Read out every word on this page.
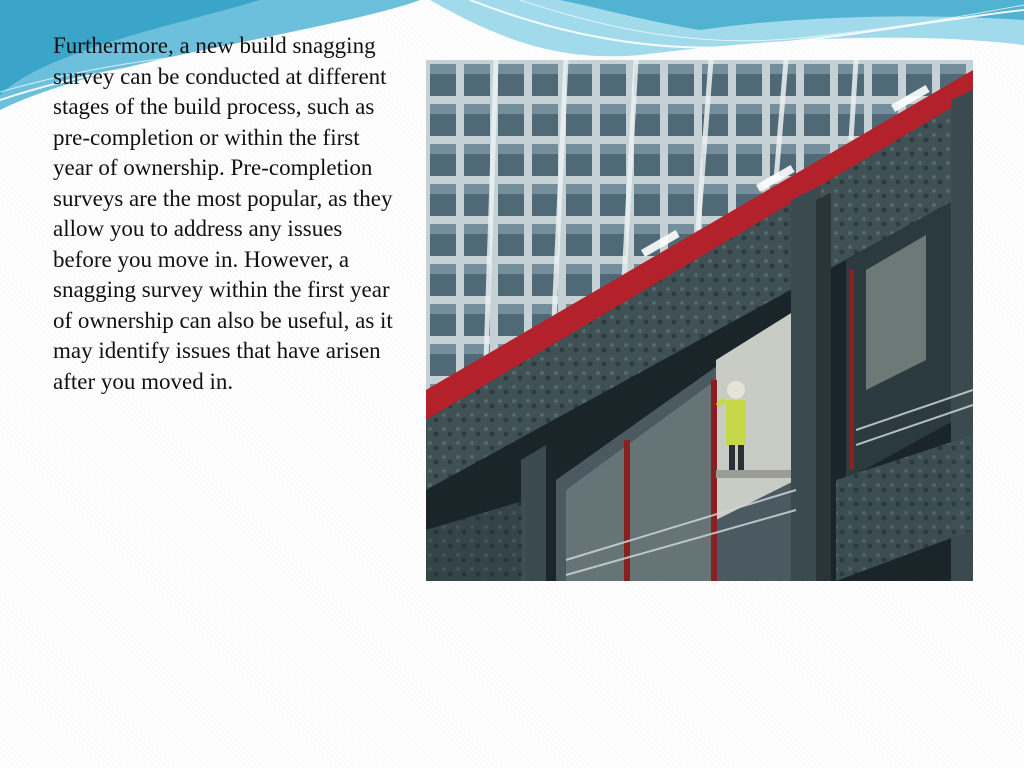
Furthermore, a new build snagging survey can be conducted at different stages of the build process, such as pre-completion or within the first year of ownership. Pre-completion surveys are the most popular, as they allow you to address any issues before you move in. However, a snagging survey within the first year of ownership can also be useful, as it may identify issues that have arisen after you moved in.
